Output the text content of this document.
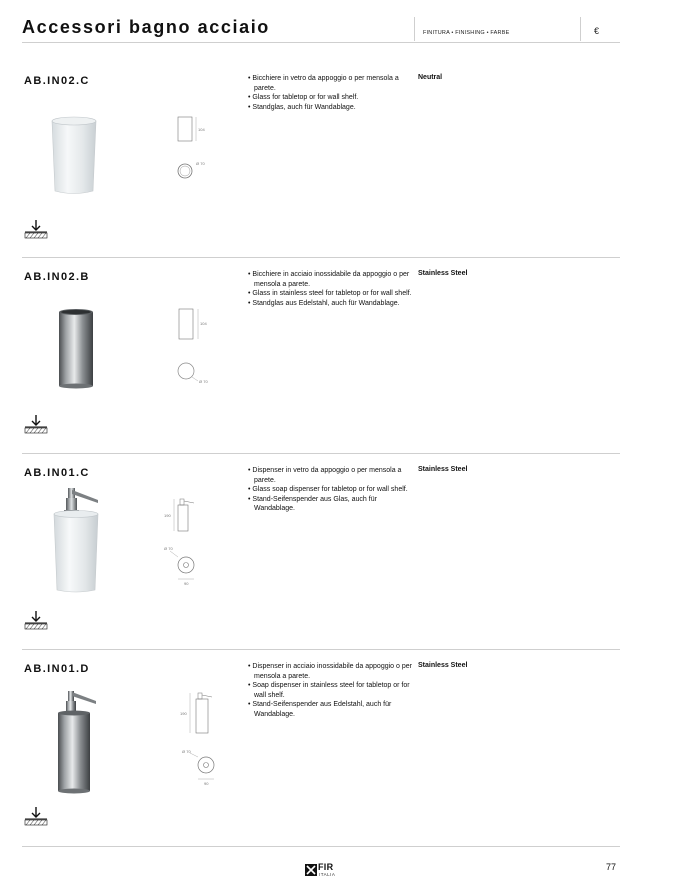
Accessori bagno acciaio	FINITURA • FINISHING • FARBE	€
AB.IN02.C	• Bicchiere in vetro da appoggio o per mensola a parete.
• Glass for tabletop or for wall shelf.
• Standglas, auch für Wandablage.
Neutral
104
Ø 70
AB.IN02.B	• Bicchiere in acciaio inossidabile da appoggio o per mensola a parete.
• Glass in stainless steel for tabletop or for wall shelf.
• Standglas aus Edelstahl, auch für Wandablage.
Stainless Steel
104
Ø 70
AB.IN01.C	• Dispenser in vetro da appoggio o per mensola a parete.
• Glass soap dispenser for tabletop or for wall shelf.
• Stand-Seifenspender aus Glas, auch für Wandablage.
Stainless Steel
190
Ø 70
90
AB.IN01.D	• Dispenser in acciaio inossidabile da appoggio o per mensola a parete.
• Soap dispenser in stainless steel for tabletop or for wall shelf.
• Stand-Seifenspender aus Edelstahl, auch für Wandablage.
Stainless Steel
190
Ø 70
90
FIR
ITALIA
77
